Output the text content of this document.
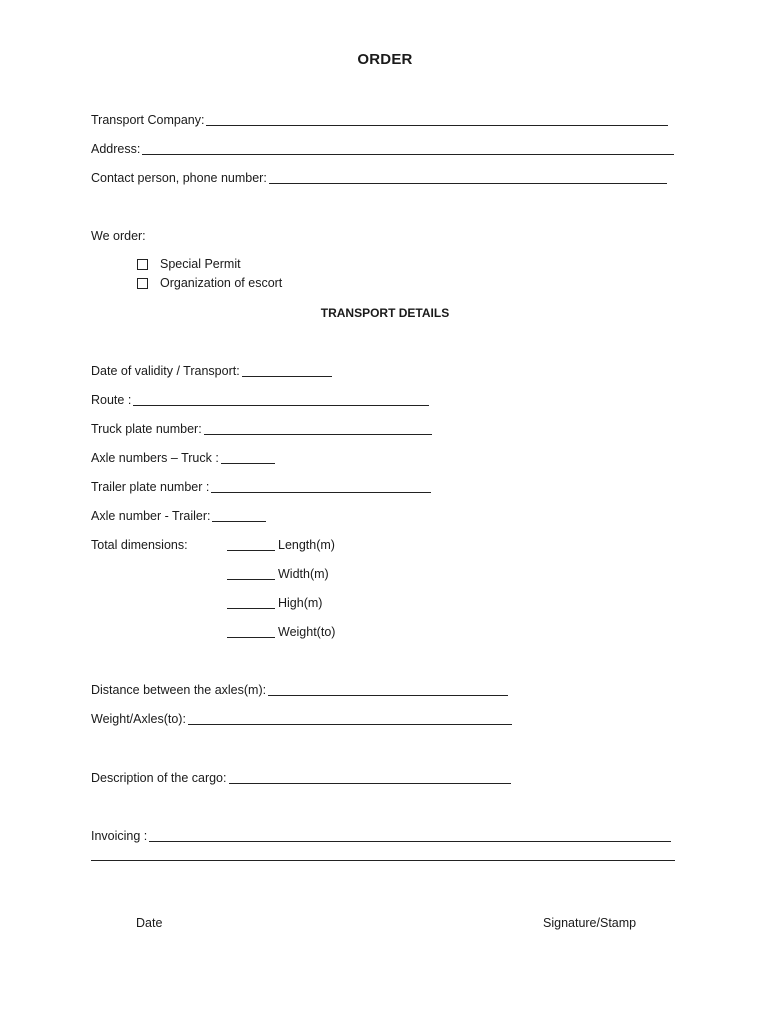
ORDER
Transport Company:
Address:
Contact person, phone number:
We order:
Special Permit
Organization of escort
TRANSPORT DETAILS
Date of validity / Transport:
Route :
Truck plate number:
Axle numbers – Truck :
Trailer plate number :
Axle number - Trailer:
Total dimensions:	Length(m)
Width(m)
High(m)
Weight(to)
Distance between the axles(m):
Weight/Axles(to):
Description of the cargo:
Invoicing :
Date	Signature/Stamp
